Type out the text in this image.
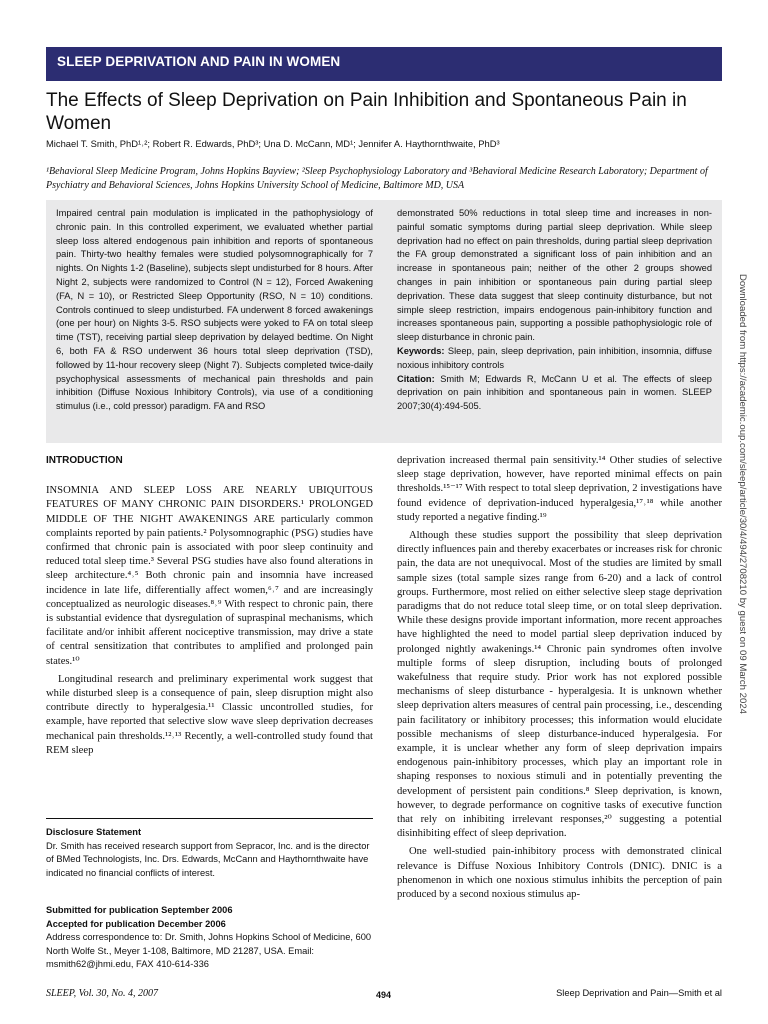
SLEEP DEPRIVATION AND PAIN IN WOMEN
The Effects of Sleep Deprivation on Pain Inhibition and Spontaneous Pain in Women
Michael T. Smith, PhD¹˒²; Robert R. Edwards, PhD³; Una D. McCann, MD¹; Jennifer A. Haythornthwaite, PhD³
¹Behavioral Sleep Medicine Program, Johns Hopkins Bayview; ²Sleep Psychophysiology Laboratory and ³Behavioral Medicine Research Laboratory; Department of Psychiatry and Behavioral Sciences, Johns Hopkins University School of Medicine, Baltimore MD, USA

Impaired central pain modulation is implicated in the pathophysiology of chronic pain. In this controlled experiment, we evaluated whether partial sleep loss altered endogenous pain inhibition and reports of spontaneous pain. Thirty-two healthy females were studied polysomnographically for 7 nights. On Nights 1-2 (Baseline), subjects slept undisturbed for 8 hours. After Night 2, subjects were randomized to Control (N = 12), Forced Awakening (FA, N = 10), or Restricted Sleep Opportunity (RSO, N = 10) conditions. Controls continued to sleep undisturbed. FA underwent 8 forced awakenings (one per hour) on Nights 3-5. RSO subjects were yoked to FA on total sleep time (TST), receiving partial sleep deprivation by delayed bedtime. On Night 6, both FA & RSO underwent 36 hours total sleep deprivation (TSD), followed by 11-hour recovery sleep (Night 7). Subjects completed twice-daily psychophysical assessments of mechanical pain thresholds and pain inhibition (Diffuse Noxious Inhibitory Controls), via use of a conditioning stimulus (i.e., cold pressor) paradigm. FA and RSO

demonstrated 50% reductions in total sleep time and increases in non-painful somatic symptoms during partial sleep deprivation. While sleep deprivation had no effect on pain thresholds, during partial sleep deprivation the FA group demonstrated a significant loss of pain inhibition and an increase in spontaneous pain; neither of the other 2 groups showed changes in pain inhibition or spontaneous pain during partial sleep deprivation. These data suggest that sleep continuity disturbance, but not simple sleep restriction, impairs endogenous pain-inhibitory function and increases spontaneous pain, supporting a possible pathophysiologic role of sleep disturbance in chronic pain.

Keywords: Sleep, pain, sleep deprivation, pain inhibition, insomnia, diffuse noxious inhibitory controls

Citation: Smith M; Edwards R, McCann U et al. The effects of sleep deprivation on pain inhibition and spontaneous pain in women. SLEEP 2007;30(4):494-505.

INTRODUCTION

INSOMNIA AND SLEEP LOSS ARE NEARLY UBIQUITOUS FEATURES OF MANY CHRONIC PAIN DISORDERS.¹ PROLONGED MIDDLE OF THE NIGHT AWAKENINGS ARE particularly common complaints reported by pain patients.² Polysomnographic (PSG) studies have confirmed that chronic pain is associated with poor sleep continuity and reduced total sleep time.³ Several PSG studies have also found alterations in sleep architecture.⁴˒⁵ Both chronic pain and insomnia have increased incidence in late life, differentially affect women,⁶˒⁷ and are increasingly conceptualized as neurologic diseases.⁸˒⁹ With respect to chronic pain, there is substantial evidence that dysregulation of supraspinal mechanisms, which facilitate and/or inhibit afferent nociceptive transmission, may drive a state of central sensitization that contributes to amplified and prolonged pain states.¹⁰

Longitudinal research and preliminary experimental work suggest that while disturbed sleep is a consequence of pain, sleep disruption might also contribute directly to hyperalgesia.¹¹ Classic uncontrolled studies, for example, have reported that selective slow wave sleep deprivation decreases mechanical pain thresholds.¹²˒¹³ Recently, a well-controlled study found that REM sleep

Disclosure Statement

Dr. Smith has received research support from Sepracor, Inc. and is the director of BMed Technologists, Inc. Drs. Edwards, McCann and Haythornthwaite have indicated no financial conflicts of interest.

Submitted for publication September 2006

Accepted for publication December 2006

Address correspondence to: Dr. Smith, Johns Hopkins School of Medicine, 600 North Wolfe St., Meyer 1-108, Baltimore, MD 21287, USA. Email: msmith62@jhmi.edu, FAX 410-614-336

deprivation increased thermal pain sensitivity.¹⁴ Other studies of selective sleep stage deprivation, however, have reported minimal effects on pain thresholds.¹⁵⁻¹⁷ With respect to total sleep deprivation, 2 investigations have found evidence of deprivation-induced hyperalgesia,¹⁷˒¹⁸ while another study reported a negative finding.¹⁹

Although these studies support the possibility that sleep deprivation directly influences pain and thereby exacerbates or increases risk for chronic pain, the data are not unequivocal. Most of the studies are limited by small sample sizes (total sample sizes range from 6-20) and a lack of control groups. Furthermore, most relied on either selective sleep stage deprivation paradigms that do not reduce total sleep time, or on total sleep deprivation. While these designs provide important information, more recent approaches have highlighted the need to model partial sleep deprivation induced by prolonged nightly awakenings.¹⁴ Chronic pain syndromes often involve multiple forms of sleep disruption, including bouts of prolonged wakefulness that require study. Prior work has not explored possible mechanisms of sleep disturbance - hyperalgesia. It is unknown whether sleep deprivation alters measures of central pain processing, i.e., descending pain facilitatory or inhibitory processes; this information would elucidate possible mechanisms of sleep disturbance-induced hyperalgesia. For example, it is unclear whether any form of sleep deprivation impairs endogenous pain-inhibitory processes, which play an important role in shaping responses to noxious stimuli and in potentially preventing the development of persistent pain conditions.⁸ Sleep deprivation, is known, however, to degrade performance on cognitive tasks of executive function that rely on inhibiting irrelevant responses,²⁰ suggesting a potential disinhibiting effect of sleep deprivation.

One well-studied pain-inhibitory process with demonstrated clinical relevance is Diffuse Noxious Inhibitory Controls (DNIC). DNIC is a phenomenon in which one noxious stimulus inhibits the perception of pain produced by a second noxious stimulus ap-

SLEEP, Vol. 30, No. 4, 2007	494	Sleep Deprivation and Pain—Smith et al
Downloaded from https://academic.oup.com/sleep/article/30/4/494/2708210 by guest on 09 March 2024
